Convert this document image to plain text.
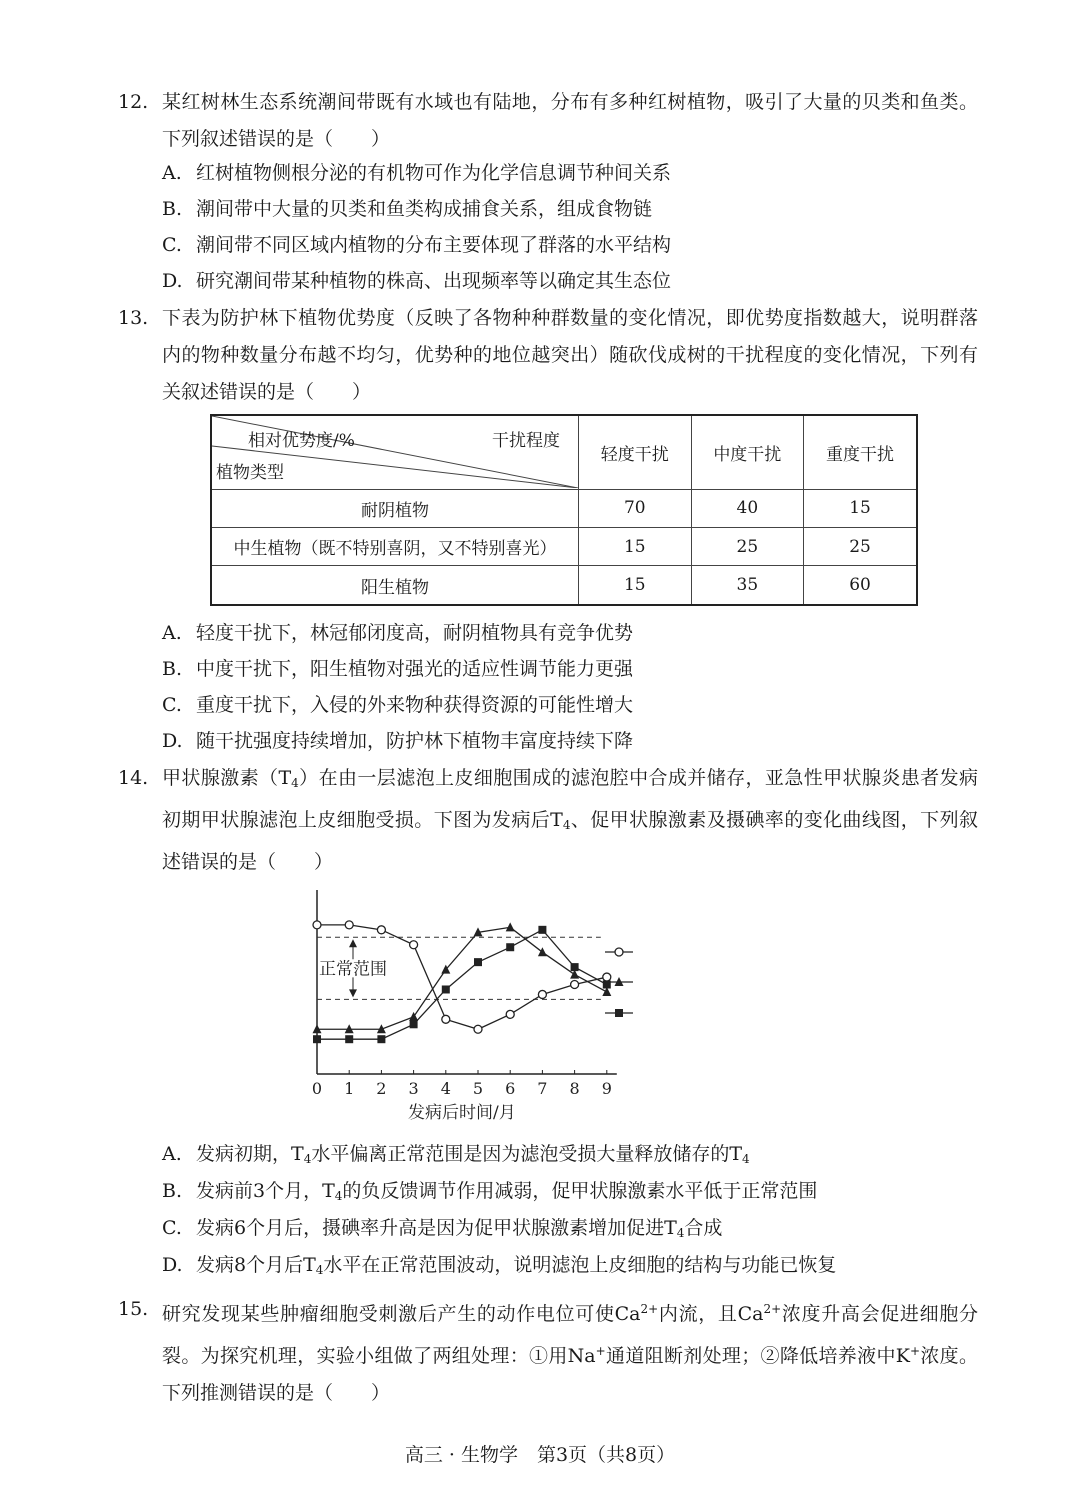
12. 某红树林生态系统潮间带既有水域也有陆地，分布有多种红树植物，吸引了大量的贝类和鱼类。下列叙述错误的是（　　）
A. 红树植物侧根分泌的有机物可作为化学信息调节种间关系
B. 潮间带中大量的贝类和鱼类构成捕食关系，组成食物链
C. 潮间带不同区域内植物的分布主要体现了群落的水平结构
D. 研究潮间带某种植物的株高、出现频率等以确定其生态位
13. 下表为防护林下植物优势度（反映了各物种种群数量的变化情况，即优势度指数越大，说明群落内的物种数量分布越不均匀，优势种的地位越突出）随砍伐成树的干扰程度的变化情况，下列有关叙述错误的是（　　）
干扰程度
相对优势度/%
植物类型	轻度干扰	中度干扰	重度干扰
耐阴植物	70	40	15
中生植物（既不特别喜阴，又不特别喜光）	15	25	25
阳生植物	15	35	60
A. 轻度干扰下，林冠郁闭度高，耐阴植物具有竞争优势
B. 中度干扰下，阳生植物对强光的适应性调节能力更强
C. 重度干扰下，入侵的外来物种获得资源的可能性增大
D. 随干扰强度持续增加，防护林下植物丰富度持续下降
14. 甲状腺激素$(T_4)$在由一层滤泡上皮细胞围成的滤泡腔中合成并储存，亚急性甲状腺炎患者发病初期甲状腺滤泡上皮细胞受损。下图为发病后$T_4$、促甲状腺激素及摄碘率的变化曲线图，下列叙述错误的是（　　）
0 1 2 3 4 5 6 7 8 9
发病后时间/月
正常范围
A. 发病初期，$T_4$水平偏离正常范围是因为滤泡受损大量释放储存的$T_4$
B. 发病前3个月，$T_4$的负反馈调节作用减弱，促甲状腺激素水平低于正常范围
C. 发病6个月后，摄碘率升高是因为促甲状腺激素增加促进$T_4$合成
D. 发病8个月后$T_4$水平在正常范围波动，说明滤泡上皮细胞的结构与功能已恢复
15. 研究发现某些肿瘤细胞受刺激后产生的动作电位可使$Ca^{2+}$内流，且$Ca^{2+}$浓度升高会促进细胞分裂。为探究机理，实验小组做了两组处理：①用Na+通道阻断剂处理；②降低培养液中K+浓度。下列推测错误的是（　　）
高三 · 生物学　第3页（共8页）
